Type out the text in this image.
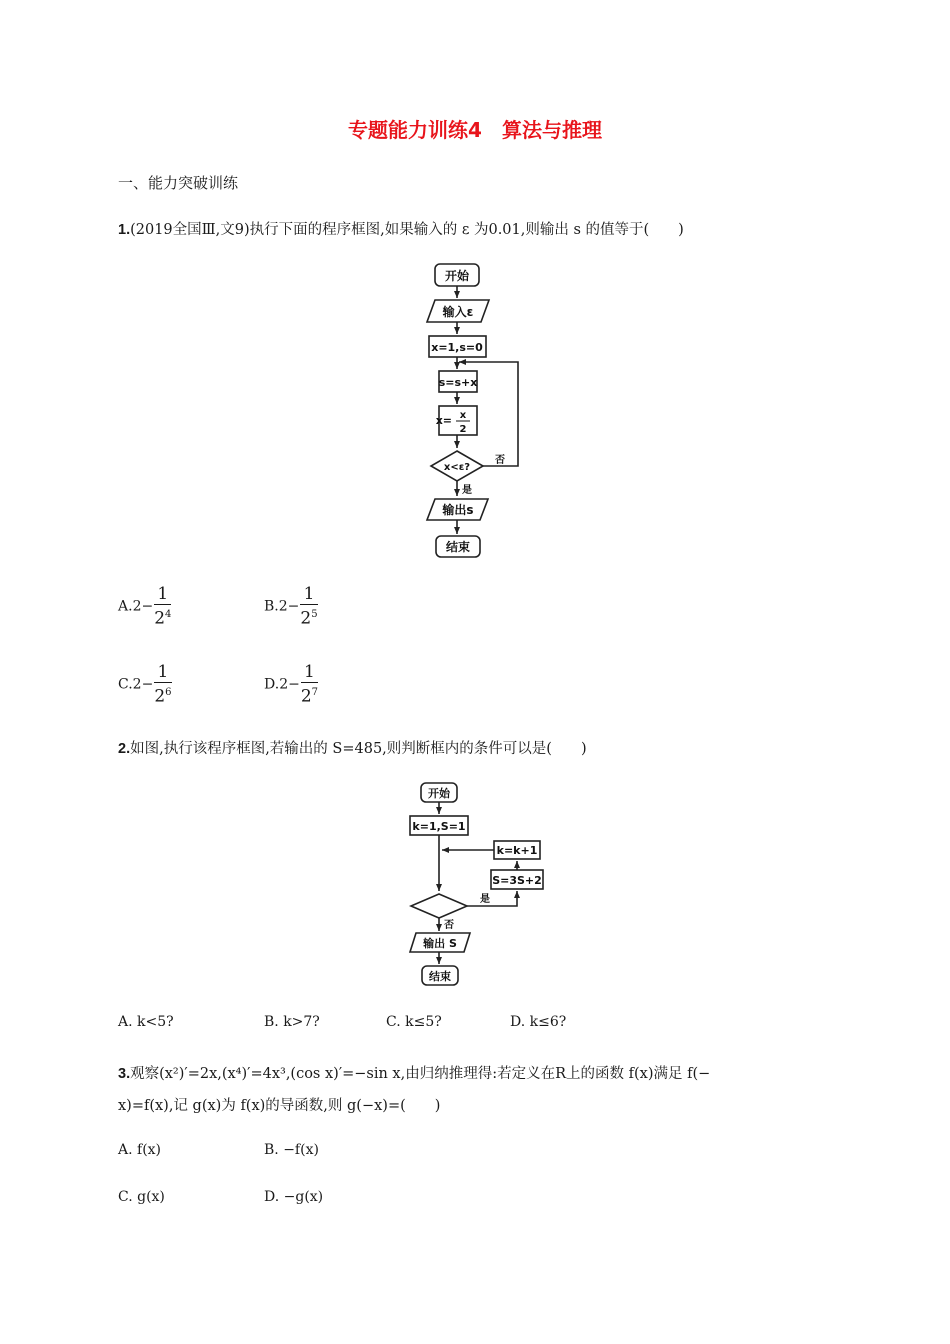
专题能力训练4　算法与推理
一、能力突破训练
1.(2019全国Ⅲ,文9)执行下面的程序框图,如果输入的 ε 为0.01,则输出 s 的值等于(　　)
开始
输入ε
x=1,s=0
s=s+x
x= x
2
x<ε?
否
是
输出s
结束
$A.2- \frac{1}{2^4}$	$B.2- \frac{1}{2^5}$
$C.2- \frac{1}{2^6}$	$D.2- \frac{1}{2^7}$
2.如图,执行该程序框图,若输出的 S=485,则判断框内的条件可以是(　　)
开始
k=1,S=1
k=k+1
S=3S+2
是
否
输出 S
结束
A. k<5?	B. k>7?	C. k≤5?	D. k≤6?
3.观察(x²)′=2x,(x⁴)′=4x³,(cos x)′=−sin x,由归纳推理得:若定义在R上的函数 f(x)满足 f(−
x)=f(x),记 g(x)为 f(x)的导函数,则 g(−x)=(　　)
A. f(x)	B. −f(x)
C. g(x)	D. −g(x)
